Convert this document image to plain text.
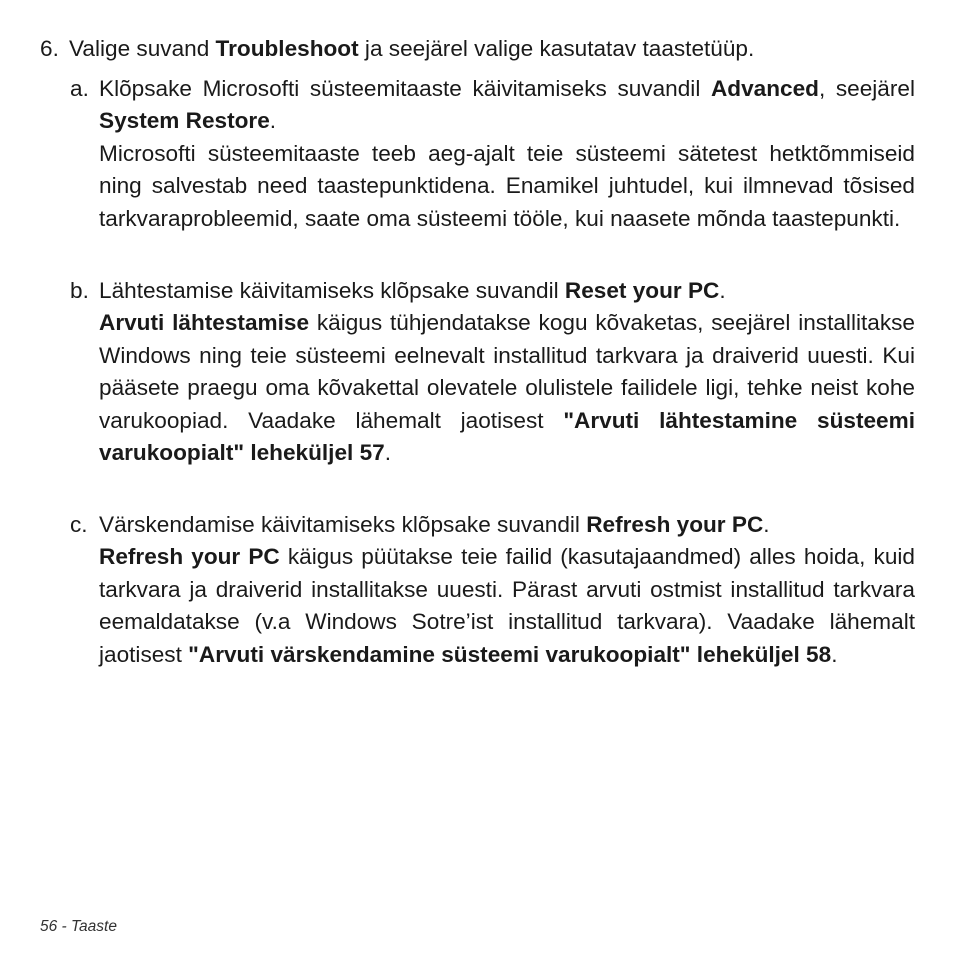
6. Valige suvand Troubleshoot ja seejärel valige kasutatav taastetüüp.
a. Klõpsake Microsofti süsteemitaaste käivitamiseks suvandil Advanced, seejärel System Restore.

Microsofti süsteemitaaste teeb aeg-ajalt teie süsteemi sätetest hetktõmmiseid ning salvestab need taastepunktidena. Enamikel juhtudel, kui ilmnevad tõsised tarkvaraprobleemid, saate oma süsteemi tööle, kui naasete mõnda taastepunkti.

b. Lähtestamise käivitamiseks klõpsake suvandil Reset your PC.

Arvuti lähtestamise käigus tühjendatakse kogu kõvaketas, seejärel installitakse Windows ning teie süsteemi eelnevalt installitud tarkvara ja draiverid uuesti. Kui pääsete praegu oma kõvakettal olevatele olulistele failidele ligi, tehke neist kohe varukoopiad. Vaadake lähemalt jaotisest "Arvuti lähtestamine süsteemi varukoopialt" leheküljel 57.

c. Värskendamise käivitamiseks klõpsake suvandil Refresh your PC.

Refresh your PC käigus püütakse teie failid (kasutajaandmed) alles hoida, kuid tarkvara ja draiverid installitakse uuesti. Pärast arvuti ostmist installitud tarkvara eemaldatakse (v.a Windows Sotre’ist installitud tarkvara). Vaadake lähemalt jaotisest "Arvuti värskendamine süsteemi varukoopialt" leheküljel 58.

56 - Taaste
